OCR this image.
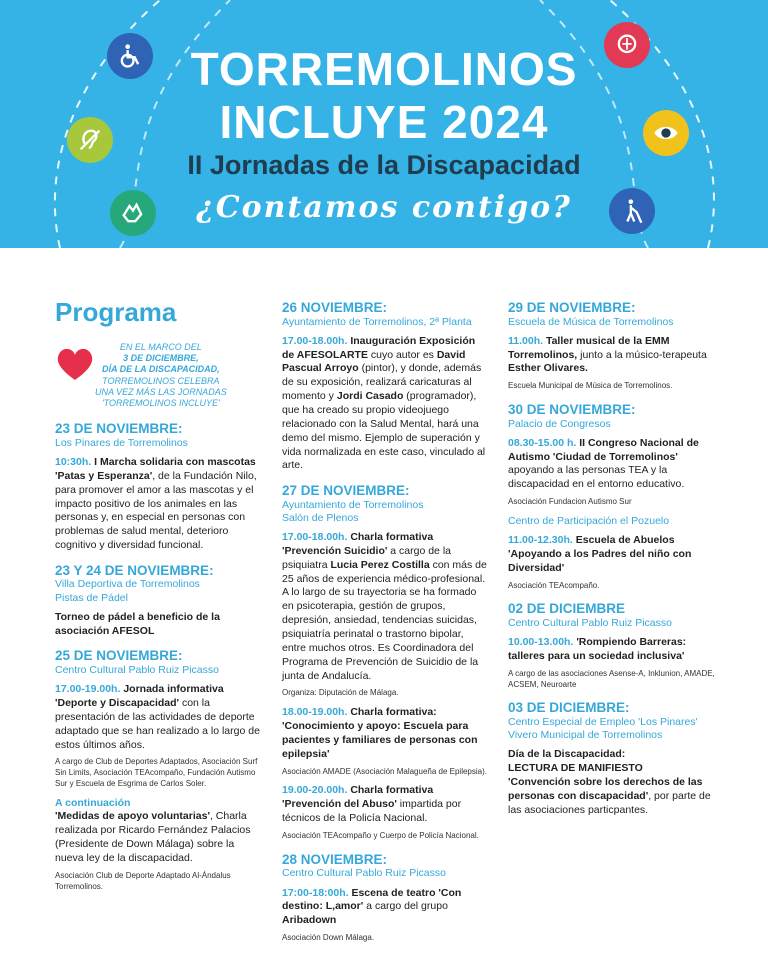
TORREMOLINOS
INCLUYE 2024
II Jornadas de la Discapacidad
¿Contamos contigo?
Programa
EN EL MARCO DEL
3 DE DICIEMBRE,
DÍA DE LA DISCAPACIDAD,
TORREMOLINOS CELEBRA
UNA VEZ MÁS LAS JORNADAS
'TORREMOLINOS INCLUYE'
23 DE NOVIEMBRE:
Los Pinares de Torremolinos
10:30h. I Marcha solidaria con mascotas 'Patas y Esperanza', de la Fundación Nilo, para promover el amor a las mascotas y el impacto positivo de los animales en las personas y, en especial en personas con problemas de salud mental, deterioro cognitivo y diversidad funcional.
23 Y 24 DE NOVIEMBRE:
Villa Deportiva de Torremolinos
Pistas de Pádel
Torneo de pádel a beneficio de la asociación AFESOL
25 DE NOVIEMBRE:
Centro Cultural Pablo Ruiz Picasso
17.00-19.00h. Jornada informativa 'Deporte y Discapacidad' con la presentación de las actividades de deporte adaptado que se han realizado a lo largo de estos últimos años.
A cargo de Club de Deportes Adaptados, Asociación Surf Sin Limits, Asociación TEAcompaño, Fundación Autismo Sur y Escuela de Esgrima de Carlos Soler.
A continuación
'Medidas de apoyo voluntarias', Charla realizada por Ricardo Fernández Palacios (Presidente de Down Málaga) sobre la nueva ley de la discapacidad.
Asociación Club de Deporte Adaptado Al-Ándalus Torremolinos.
26 NOVIEMBRE:
Ayuntamiento de Torremolinos, 2ª Planta
17.00-18.00h. Inauguración Exposición de AFESOLARTE cuyo autor es David Pascual Arroyo (pintor), y donde, además de su exposición, realizará caricaturas al momento y Jordi Casado (programador), que ha creado su propio videojuego relacionado con la Salud Mental, hará una demo del mismo. Ejemplo de superación y vida normalizada en este caso, vinculado al arte.
27 DE NOVIEMBRE:
Ayuntamiento de Torremolinos
Salón de Plenos
17.00-18.00h. Charla formativa 'Prevención Suicidio' a cargo de la psiquiatra Lucia Perez Costilla con más de 25 años de experiencia médico-profesional. A lo largo de su trayectoria se ha formado en psicoterapia, gestión de grupos, depresión, ansiedad, tendencias suicidas, psiquiatría perinatal o trastorno bipolar, entre muchos otros. Es Coordinadora del Programa de Prevención de Suicidio de la junta de Andalucía.
Organiza: Diputación de Málaga.
18.00-19.00h. Charla formativa: 'Conocimiento y apoyo: Escuela para pacientes y familiares de personas con epilepsia'
Asociación AMADE (Asociación Malagueña de Epilepsia).
19.00-20.00h. Charla formativa 'Prevención del Abuso' impartida por técnicos de la Policía Nacional.
Asociación TEAcompaño y Cuerpo de Policía Nacional.
28 NOVIEMBRE:
Centro Cultural Pablo Ruiz Picasso
17:00-18:00h. Escena de teatro 'Con destino: L,amor' a cargo del grupo Aribadown
Asociación Down Málaga.
29 DE NOVIEMBRE:
Escuela de Música de Torremolinos
11.00h. Taller musical de la EMM Torremolinos, junto a la músico-terapeuta Esther Olivares.
Escuela Municipal de Música de Torremolinos.
30 DE NOVIEMBRE:
Palacio de Congresos
08.30-15.00 h. II Congreso Nacional de Autismo 'Ciudad de Torremolinos' apoyando a las personas TEA y la discapacidad en el entorno educativo.
Asociación Fundacion Autismo Sur
Centro de Participación el Pozuelo
11.00-12.30h. Escuela de Abuelos 'Apoyando a los Padres del niño con Diversidad'
Asociación TEAcompaño.
02 DE DICIEMBRE
Centro Cultural Pablo Ruiz Picasso
10.00-13.00h. 'Rompiendo Barreras: talleres para un sociedad inclusiva'
A cargo de las asociaciones Asense-A, Inklunion, AMADE, ACSEM, Neuroarte
03 DE DICIEMBRE:
Centro Especial de Empleo 'Los Pinares'
Vivero Municipal de Torremolinos
Día de la Discapacidad:
LECTURA DE MANIFIESTO
'Convención sobre los derechos de las personas con discapacidad', por parte de las asociaciones particpantes.
